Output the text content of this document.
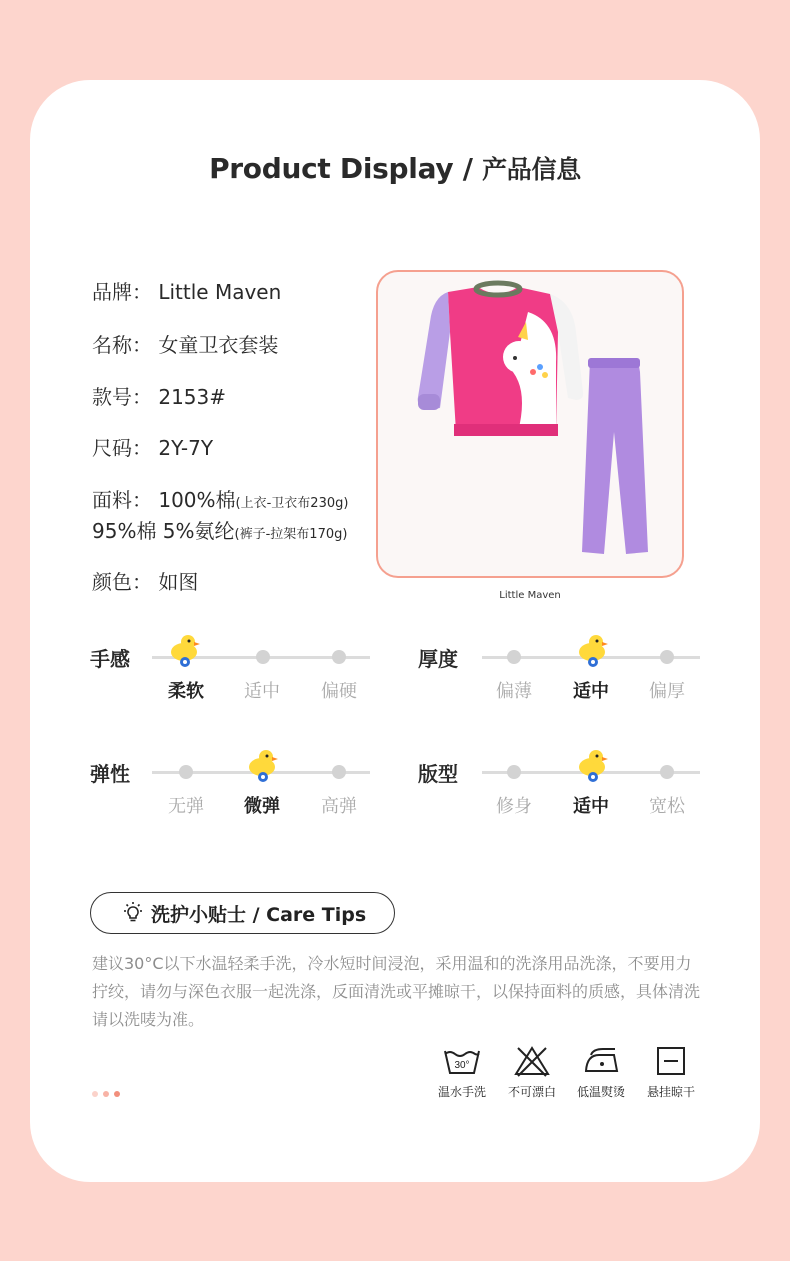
Product Display / 产品信息
品牌： Little Maven
名称： 女童卫衣套装
款号： 2153#
尺码： 2Y-7Y
面料： 100%棉(上衣-卫衣布230g)
95%棉 5%氨纶(裤子-拉架布170g)
颜色： 如图
Little Maven
手感
柔软	适中	偏硬
厚度
偏薄	适中	偏厚
弹性
无弹	微弹	高弹
版型
修身	适中	宽松
洗护小贴士 / Care Tips
建议30°C以下水温轻柔手洗，冷水短时间浸泡，采用温和的洗涤用品洗涤，不要用力拧绞，请勿与深色衣服一起洗涤，反面清洗或平摊晾干，以保持面料的质感，具体清洗请以洗唛为准。
30°
温水手洗	不可漂白	低温熨烫	悬挂晾干
